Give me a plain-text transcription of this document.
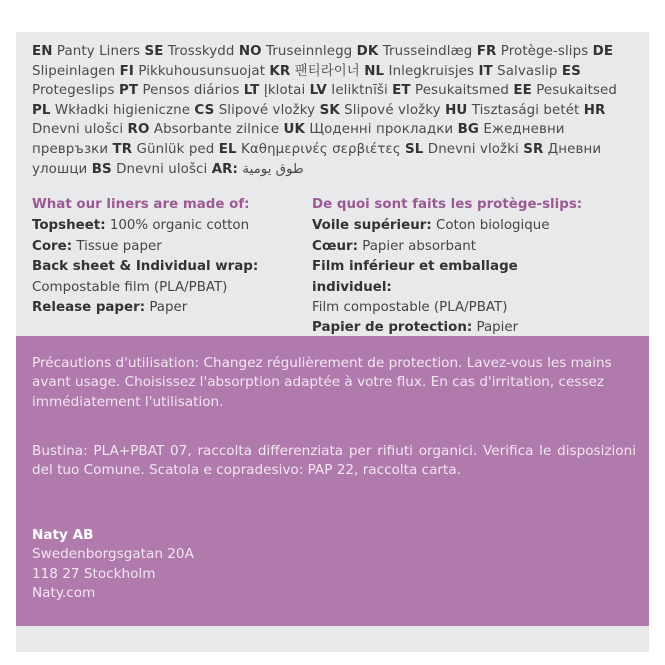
EN Panty Liners SE Trosskydd NO Truseinnlegg DK Trusseindlæg FR Protège-slips DE Slipeinlagen FI Pikkuhousunsuojat KR 팬티라이너 NL Inlegkruisjes IT Salvaslip ES Protegeslips PT Pensos diários LT Įklotai LV Ieliktnīši ET Pesukaitsmed EE Pesukaitsed PL Wkładki higieniczne CS Slipové vložky SK Slipové vložky HU Tisztasági betét HR Dnevni ulošci RO Absorbante zilnice UK Щоденні прокладки BG Ежедневни превръзки TR Günlük ped EL Καθημερινές σερβιέτες SL Dnevni vložki SR Дневни улошци BS Dnevni ulošci AR: طوق يومية
What our liners are made of:
Topsheet: 100% organic cotton
Core: Tissue paper
Back sheet & Individual wrap:
Compostable film (PLA/PBAT)
Release paper: Paper
De quoi sont faits les protège-slips:
Voile supérieur: Coton biologique
Cœur: Papier absorbant
Film inférieur et emballage individuel:
Film compostable (PLA/PBAT)
Papier de protection: Papier
Précautions d'utilisation: Changez régulièrement de protection. Lavez-vous les mains avant usage. Choisissez l'absorption adaptée à votre flux. En cas d'irritation, cessez immédiatement l'utilisation.
Bustina: PLA+PBAT 07, raccolta differenziata per rifiuti organici. Verifica le disposizioni del tuo Comune. Scatola e copradesivo: PAP 22, raccolta carta.
Naty AB
Swedenborgsgatan 20A
118 27 Stockholm
Naty.com
